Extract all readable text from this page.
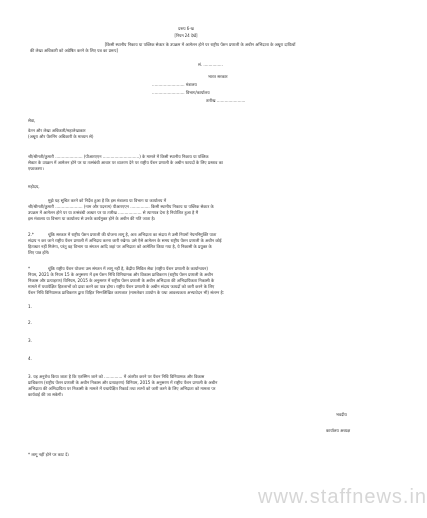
प्ररूप 6-ख
[नियम 24 देखें]
[किसी स्थानीय निकाय या पब्लिक सेक्टर के उपक्रम में आमेलन होने पर राष्ट्रीय पेंशन प्रणाली के अधीन अभिदाता के अधूरा दायित्वों
की लेखा अधिकारी को अग्रेषित करने के लिए पत्र का प्ररूप]
सं. ...............
भारत सरकार
......................... मंत्रालय
......................... विभाग/कार्यालय
तारीख ......................
सेवा,
वेतन और लेखा अधिकारी/महालेखाकार
(अधूरा और पेंशनिंग अधिकारी के माध्यम से)
श्री/श्रीमती/कुमारी ..................... (पीआरएएन ............................) के मामले में किसी स्थानीय निकाय या पब्लिक
सेक्टर के उपक्रम में आमेलन होने पर या तत्संबंधी आधार पर व्यतरण देने पर राष्ट्रीय पेंशन प्रणाली के अधीन फायदों के लिए प्रस्ताव का
एफाकरण।
महोदय,
मुझे यह सूचित करने को निर्देश हुआ है कि इस मंत्रालय या विभाग या कार्यालय में
श्री/श्रीमती/कुमारी ..................... (नाम और पदनाम) पीआरएएन ............... किसी स्थानीय निकाय या पब्लिक सेक्टर के
उपक्रम में आमेलन होने पर या तत्संबंधी आधार पर या तारीख .................. से त्यागपत्र देना है नियोजित हुआ है मैं
इस मंत्रालय या विभाग या कार्यालय से उनके कार्यमुक्त होने के अधीन की गति जाता है।
2.*	चूंकि सरकार में राष्ट्रीय पेंशन प्रणाली की योजना लागू है, अतः अभिदाता का संदाय मे उसी नियमों नेयमनिमुक्ति पाता
संदाय न कर जाने राष्ट्रीय पेंशन प्रणाली में अभिदाय करना जारी रखेगा। उसे ऐसे आमेलन के समय राष्ट्रीय पेंशन प्रणाली के अधीन कोई
हिताधार नहीं मिलेगा, परंतु वह विभाग या संगठन आदि जहां पर अभिदाता को आमेलित किया गया है, ये निकासी के प्रयुक्त के
लिए पात्र होंगे।
*	चूंकि राष्ट्रीय पेंशन योजना उस संगठन में लागू नहीं है, केंद्रीय सिविल सेवा (राष्ट्रीय पेंशन प्रणाली के कार्यान्वयन)
नियम, 2021 के नियम 15 के अनुसरण में इस पेंशन निधि विनियामक और विकास प्राधिकरण (राष्ट्रीय पेंशन प्रणाली के अधीन
निकास और प्रत्याहरण) विनियम, 2015 के अनुसरण में राष्ट्रीय पेंशन प्रणाली के अधीन अभिदाता की अभिदायिकता निकासी के
मामले में यथापेक्षित हितलाभों को दावा करने का पात्र होगा। राष्ट्रीय पेंशन प्रणाली के अधीन संदाय फायदों को जारी करने के लिए
पेंशन निधि विनियामक प्राधिकरण द्वारा विहित निम्नलिखित कागजात (मामलेवार उपयोग के यथा आवश्यकता अभ्यावेदन भी) संलग्न है:
1.
2.
3.
4.
3. यह अनुरोध किया जाता है कि एतस्मिन जाने को .............. में अंतरीत करने पर पेंशन निधि विनियामक और विकास
प्राधिकरण (राष्ट्रीय पेंशन प्रणाली के अधीन निकास और प्रत्याहरण) विनियम, 2015 के अनुसरण में राष्ट्रीय पेंशन प्रणाली के अधीन
अभिदाता की अभिदायिता पर निकासी के मामले में यथापेक्षित रिकार्ड तथा लाभों को जारी करने के लिए अभिदाता को मामला पर
कार्यवाई की जा सकेगी।
भवदीय
कार्यालय अध्यक्ष
* लागू नहीं होने पर काट दें।
www.staffnews.in
